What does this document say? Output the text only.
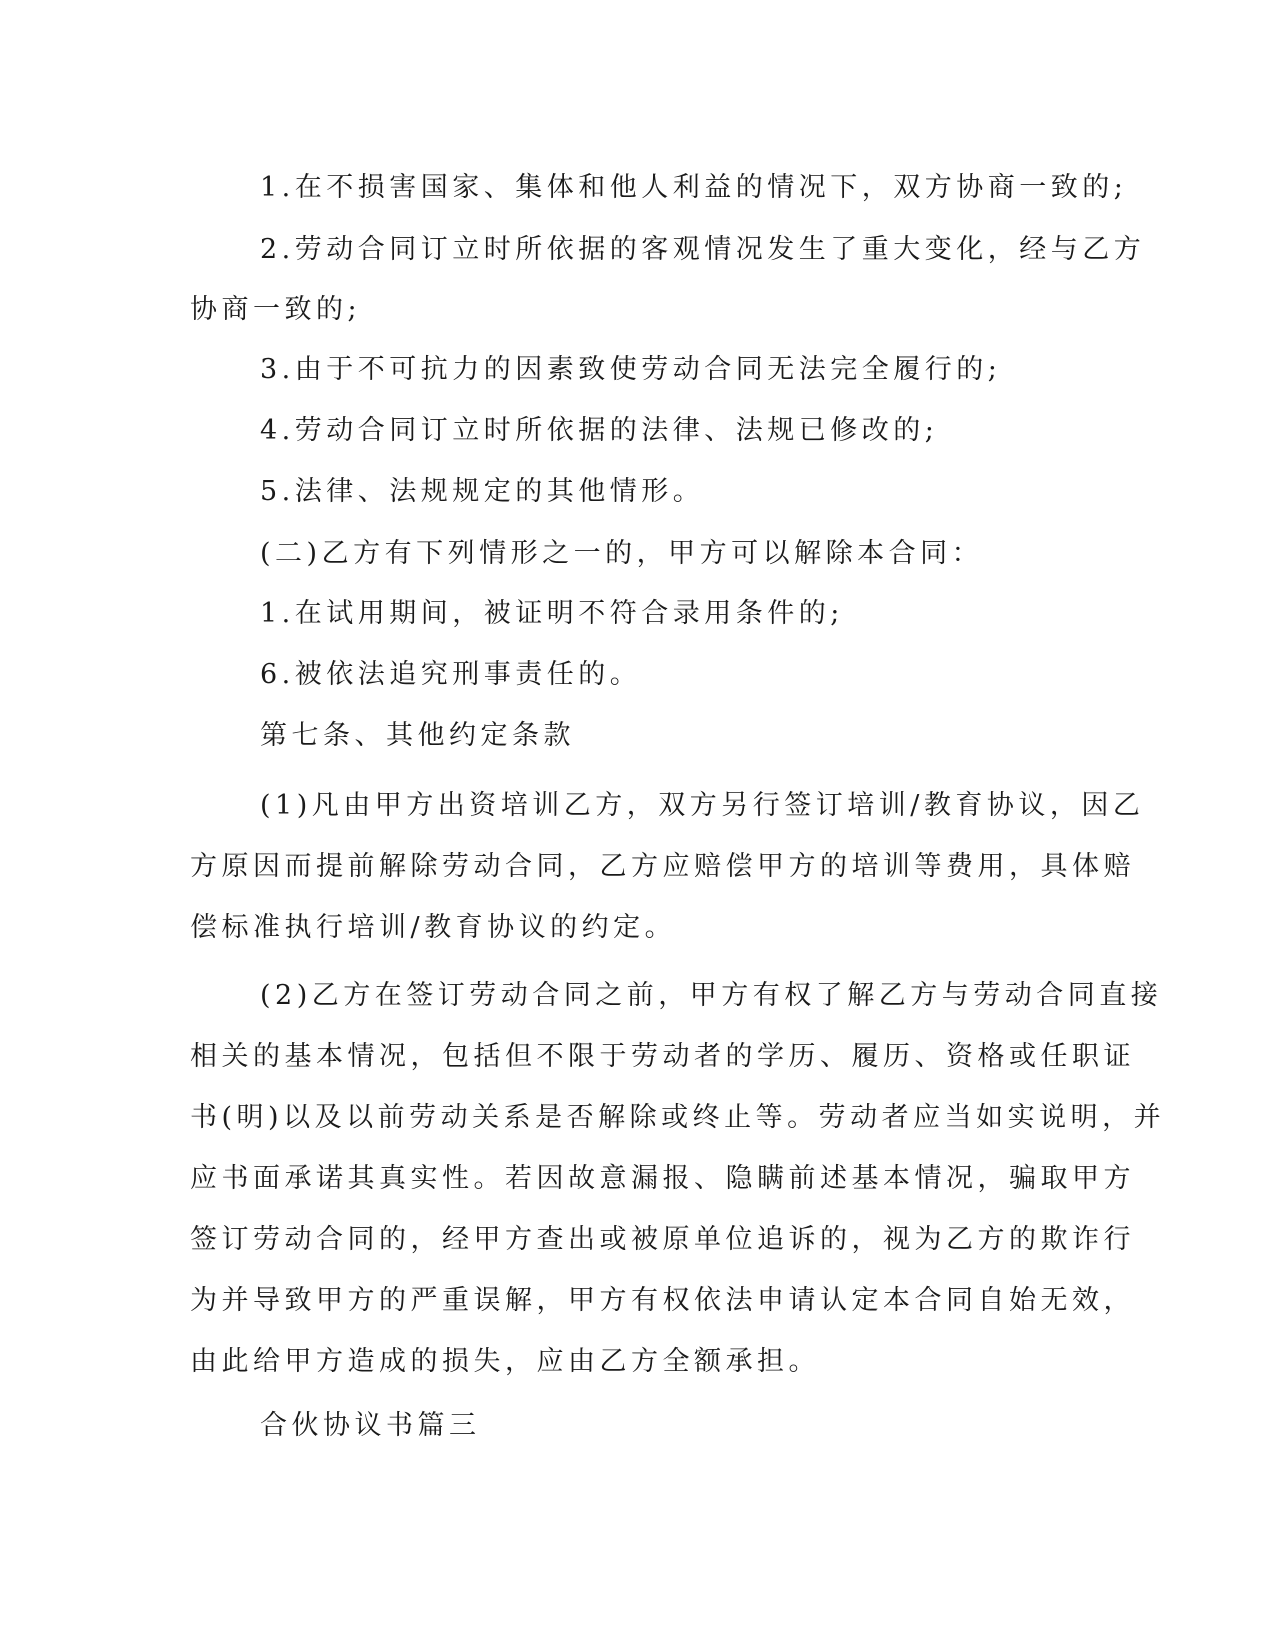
1.在不损害国家、集体和他人利益的情况下，双方协商一致的;
2.劳动合同订立时所依据的客观情况发生了重大变化，经与乙方
协商一致的;
3.由于不可抗力的因素致使劳动合同无法完全履行的;
4.劳动合同订立时所依据的法律、法规已修改的;
5.法律、法规规定的其他情形。
(二)乙方有下列情形之一的，甲方可以解除本合同：
1.在试用期间，被证明不符合录用条件的;
6.被依法追究刑事责任的。
第七条、其他约定条款
(1)凡由甲方出资培训乙方，双方另行签订培训/教育协议，因乙
方原因而提前解除劳动合同，乙方应赔偿甲方的培训等费用，具体赔
偿标准执行培训/教育协议的约定。
(2)乙方在签订劳动合同之前，甲方有权了解乙方与劳动合同直接
相关的基本情况，包括但不限于劳动者的学历、履历、资格或任职证
书(明)以及以前劳动关系是否解除或终止等。劳动者应当如实说明，并
应书面承诺其真实性。若因故意漏报、隐瞒前述基本情况，骗取甲方
签订劳动合同的，经甲方查出或被原单位追诉的，视为乙方的欺诈行
为并导致甲方的严重误解，甲方有权依法申请认定本合同自始无效，
由此给甲方造成的损失，应由乙方全额承担。
合伙协议书篇三
